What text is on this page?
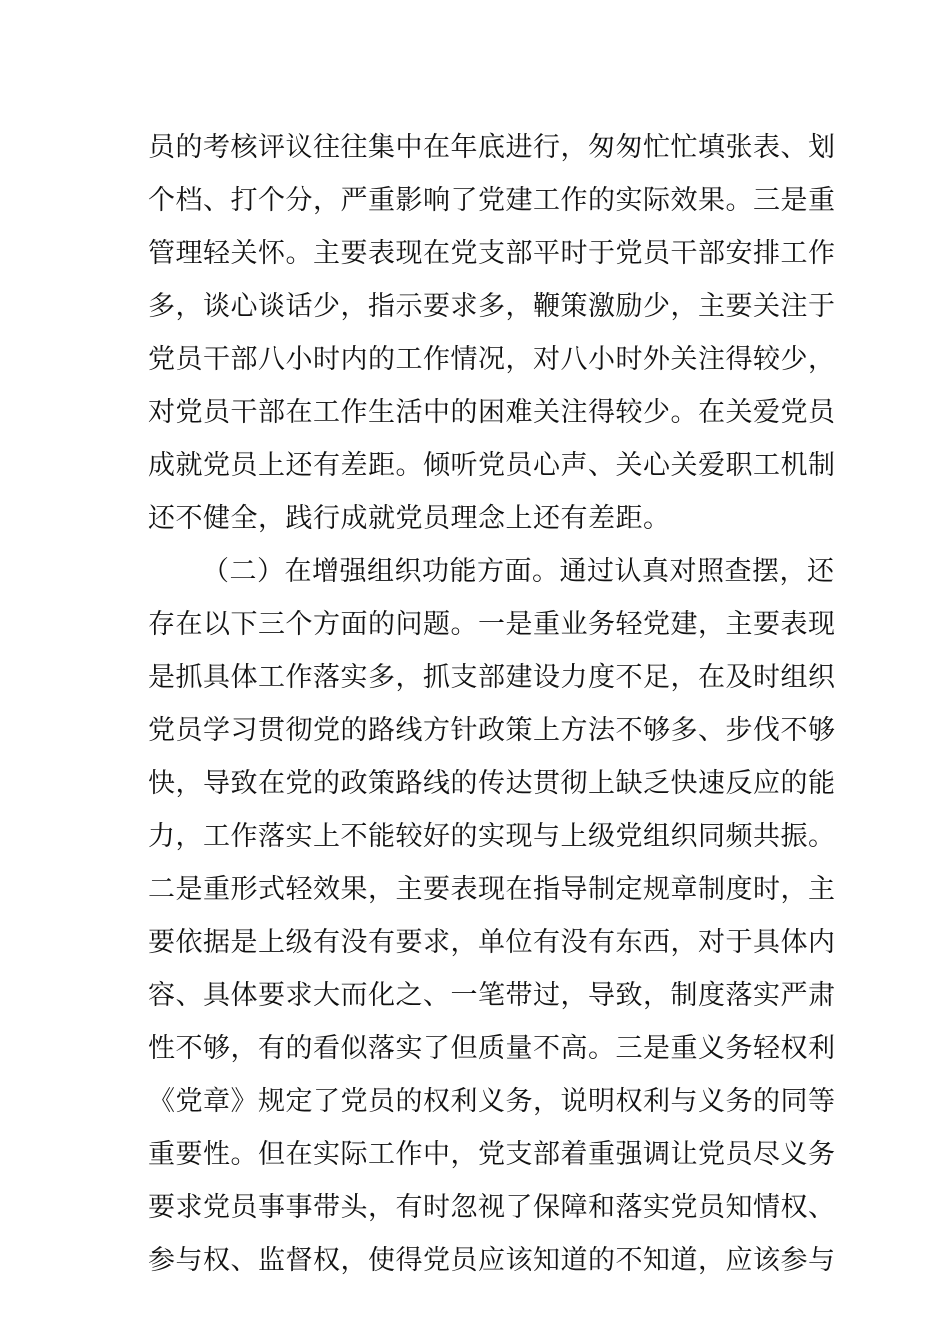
员的考核评议往往集中在年底进行，匆匆忙忙填张表、划
个档、打个分，严重影响了党建工作的实际效果。三是重
管理轻关怀。主要表现在党支部平时于党员干部安排工作
多，谈心谈话少，指示要求多，鞭策激励少，主要关注于
党员干部八小时内的工作情况，对八小时外关注得较少，
对党员干部在工作生活中的困难关注得较少。在关爱党员
成就党员上还有差距。倾听党员心声、关心关爱职工机制
还不健全，践行成就党员理念上还有差距。
（二）在增强组织功能方面。通过认真对照查摆，还
存在以下三个方面的问题。一是重业务轻党建，主要表现
是抓具体工作落实多，抓支部建设力度不足，在及时组织
党员学习贯彻党的路线方针政策上方法不够多、步伐不够
快，导致在党的政策路线的传达贯彻上缺乏快速反应的能
力，工作落实上不能较好的实现与上级党组织同频共振。
二是重形式轻效果，主要表现在指导制定规章制度时，主
要依据是上级有没有要求，单位有没有东西，对于具体内
容、具体要求大而化之、一笔带过，导致，制度落实严肃
性不够，有的看似落实了但质量不高。三是重义务轻权利
《党章》规定了党员的权利义务，说明权利与义务的同等
重要性。但在实际工作中，党支部着重强调让党员尽义务
要求党员事事带头，有时忽视了保障和落实党员知情权、
参与权、监督权，使得党员应该知道的不知道，应该参与
